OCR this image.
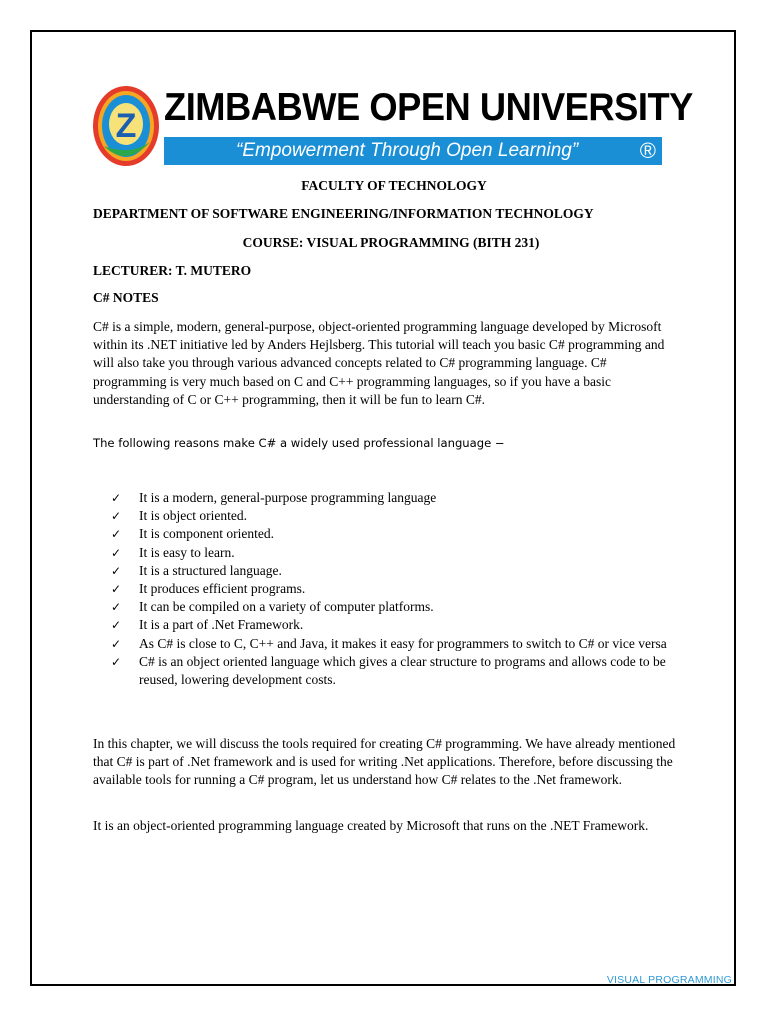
Z ZIMBABWE OPEN UNIVERSITY
“Empowerment Through Open Learning”	®
FACULTY OF TECHNOLOGY
DEPARTMENT OF SOFTWARE ENGINEERING/INFORMATION TECHNOLOGY
COURSE: VISUAL PROGRAMMING (BITH 231)
LECTURER: T. MUTERO
C# NOTES
C# is a simple, modern, general-purpose, object-oriented programming language developed by Microsoft within its .NET initiative led by Anders Hejlsberg. This tutorial will teach you basic C# programming and will also take you through various advanced concepts related to C# programming language. C# programming is very much based on C and C++ programming languages, so if you have a basic understanding of C or C++ programming, then it will be fun to learn C#.
The following reasons make C# a widely used professional language −
✓ It is a modern, general-purpose programming language
✓ It is object oriented.
✓ It is component oriented.
✓ It is easy to learn.
✓ It is a structured language.
✓ It produces efficient programs.
✓ It can be compiled on a variety of computer platforms.
✓ It is a part of .Net Framework.
✓ As C# is close to C, C++ and Java, it makes it easy for programmers to switch to C# or vice versa
✓ C# is an object oriented language which gives a clear structure to programs and allows code to be reused, lowering development costs.
In this chapter, we will discuss the tools required for creating C# programming. We have already mentioned that C# is part of .Net framework and is used for writing .Net applications. Therefore, before discussing the available tools for running a C# program, let us understand how C# relates to the .Net framework.
It is an object-oriented programming language created by Microsoft that runs on the .NET Framework.
VISUAL PROGRAMMING
